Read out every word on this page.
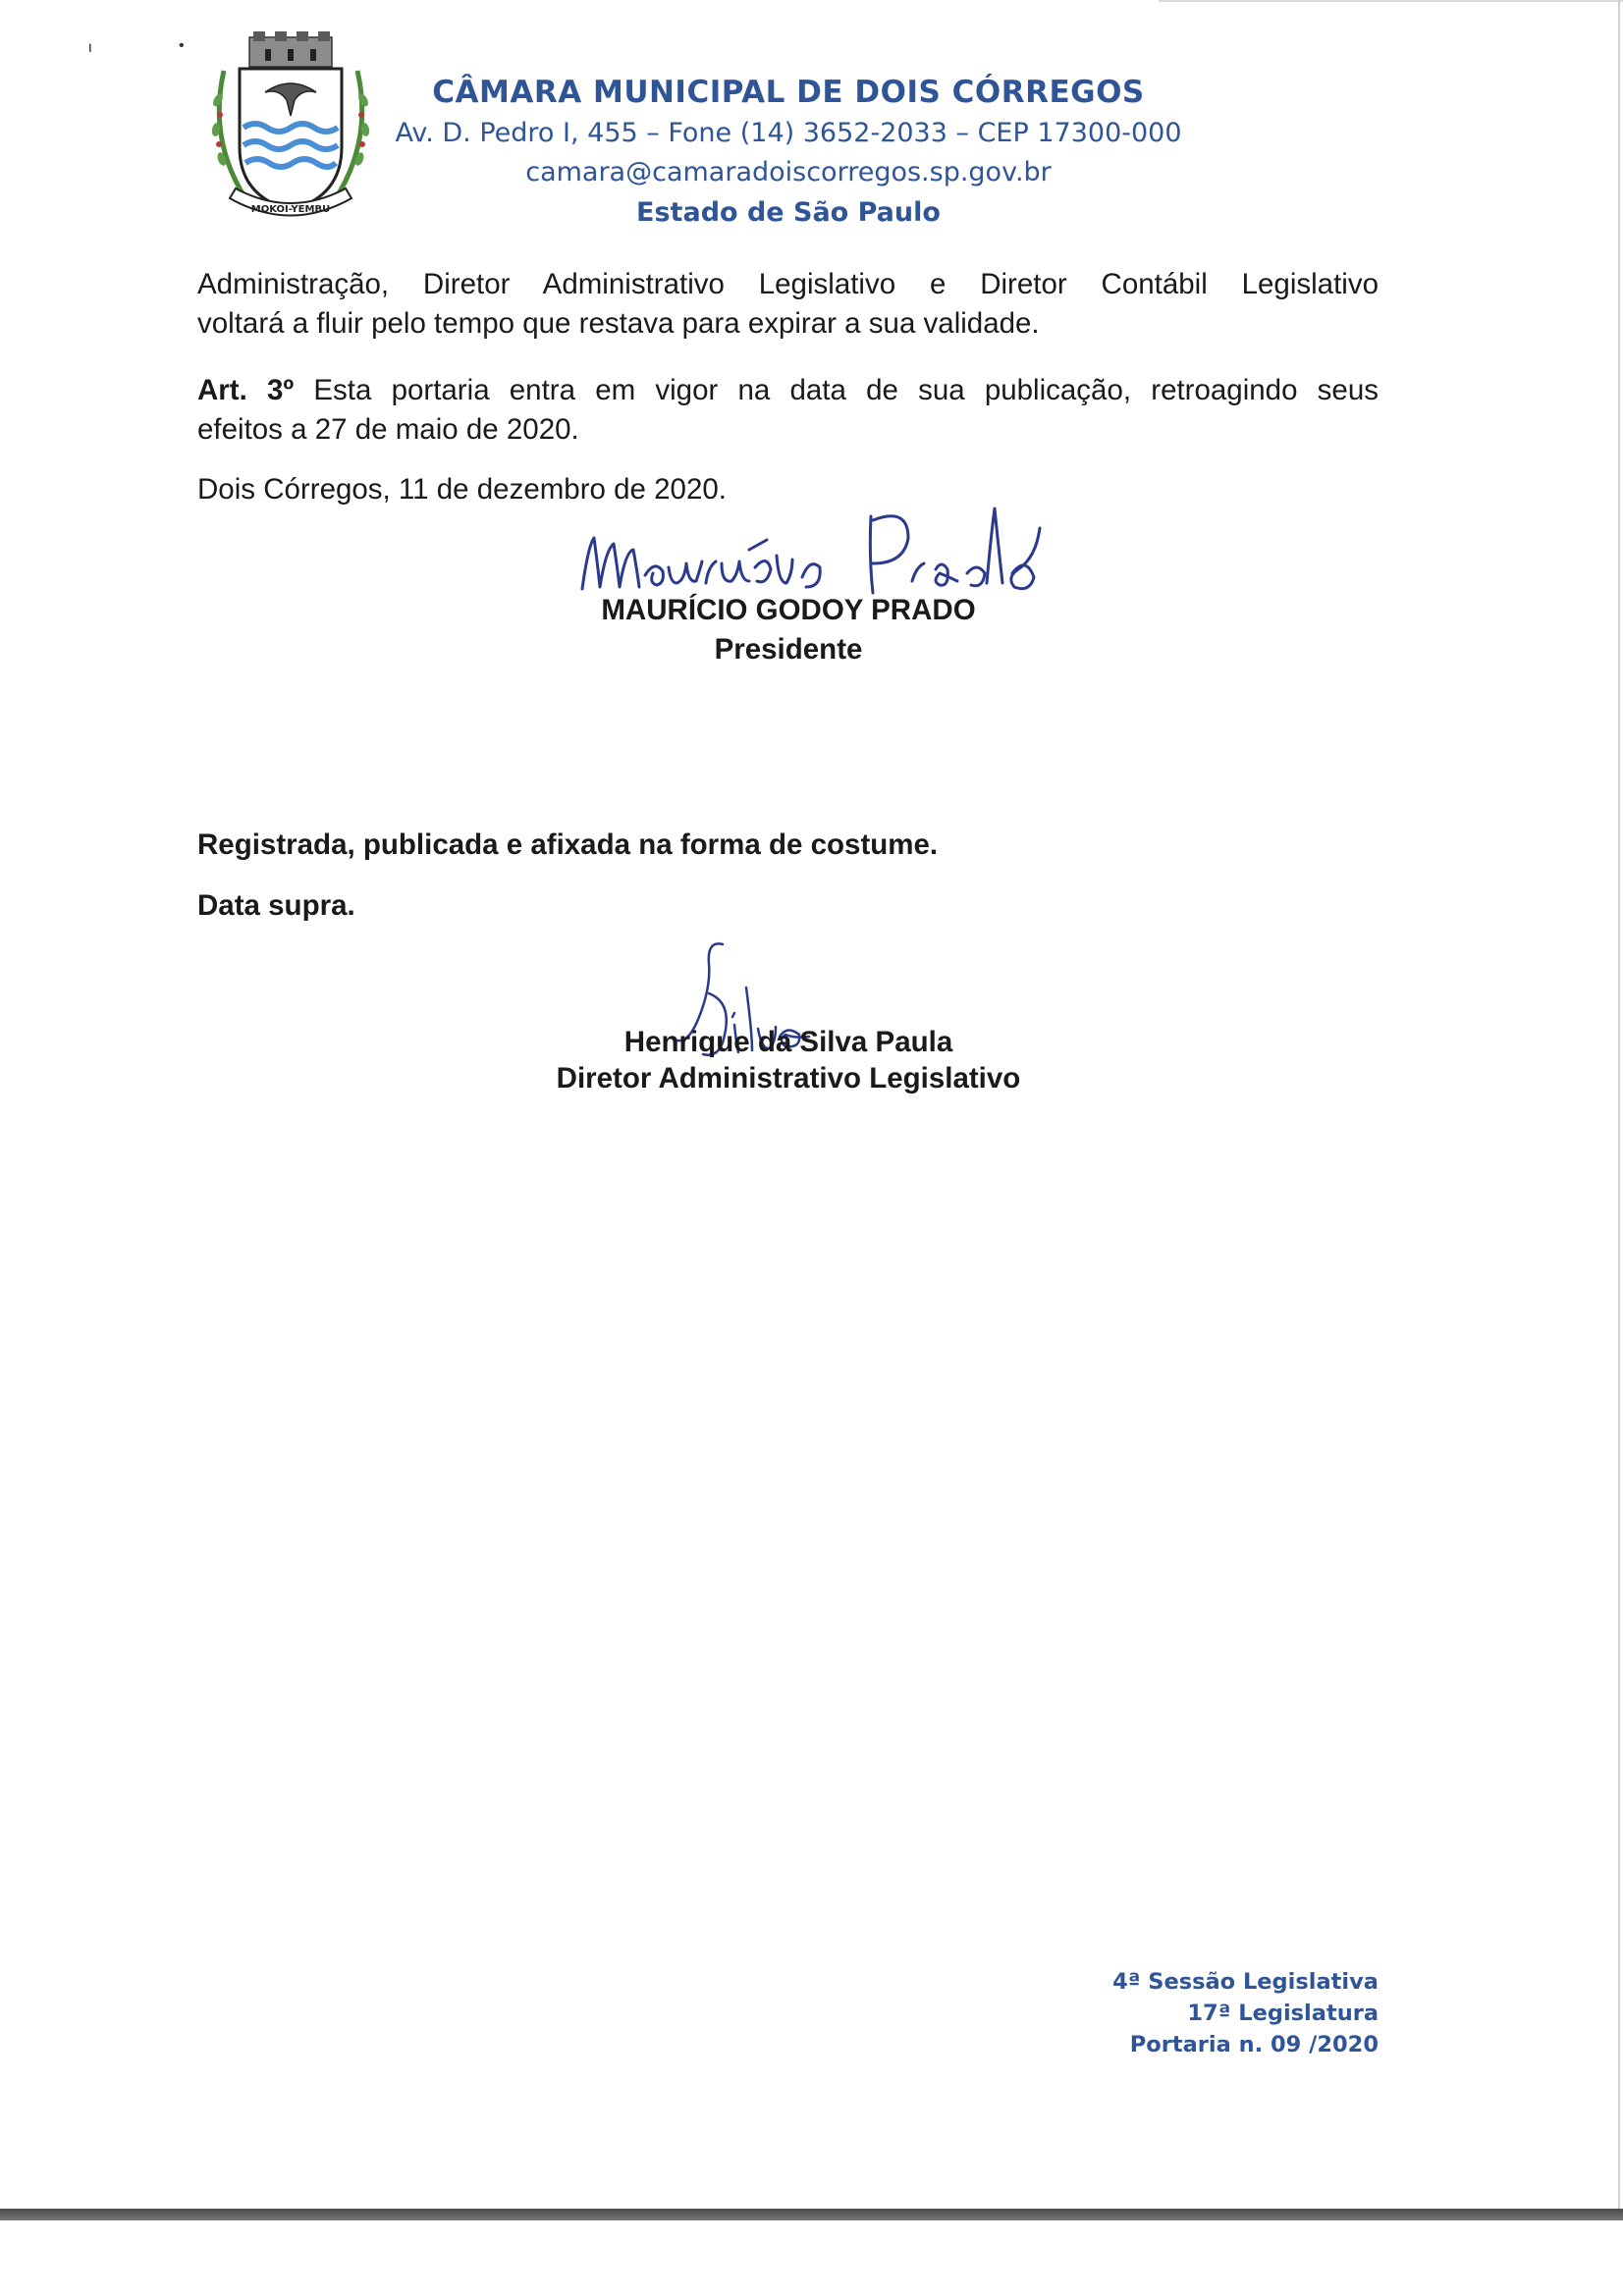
ι	•
MOKOI-YEMBU
CÂMARA MUNICIPAL DE DOIS CÓRREGOS
Av. D. Pedro I, 455 – Fone (14) 3652-2033 – CEP 17300-000
camara@camaradoiscorregos.sp.gov.br
Estado de São Paulo
Administração, Diretor Administrativo Legislativo e Diretor Contábil Legislativo
voltará a fluir pelo tempo que restava para expirar a sua validade.
Art. 3º Esta portaria entra em vigor na data de sua publicação, retroagindo seus
efeitos a 27 de maio de 2020.
Dois Córregos, 11 de dezembro de 2020.
MAURÍCIO GODOY PRADO
Presidente
Registrada, publicada e afixada na forma de costume.
Data supra.
Henrique da Silva Paula
Diretor Administrativo Legislativo
4ª Sessão Legislativa
17ª Legislatura
Portaria n. 09 /2020
